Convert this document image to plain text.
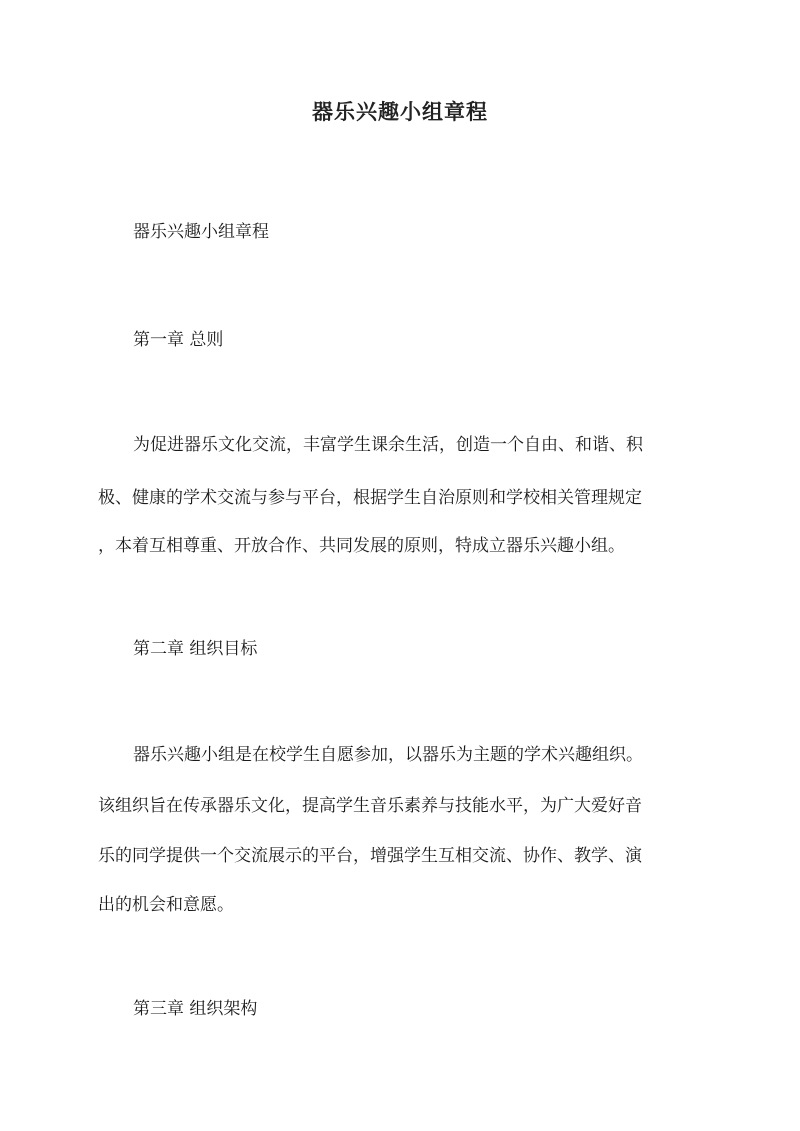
器乐兴趣小组章程
器乐兴趣小组章程
第一章 总则
为促进器乐文化交流，丰富学生课余生活，创造一个自由、和谐、积
极、健康的学术交流与参与平台，根据学生自治原则和学校相关管理规定
，本着互相尊重、开放合作、共同发展的原则，特成立器乐兴趣小组。
第二章 组织目标
器乐兴趣小组是在校学生自愿参加，以器乐为主题的学术兴趣组织。
该组织旨在传承器乐文化，提高学生音乐素养与技能水平，为广大爱好音
乐的同学提供一个交流展示的平台，增强学生互相交流、协作、教学、演
出的机会和意愿。
第三章 组织架构
